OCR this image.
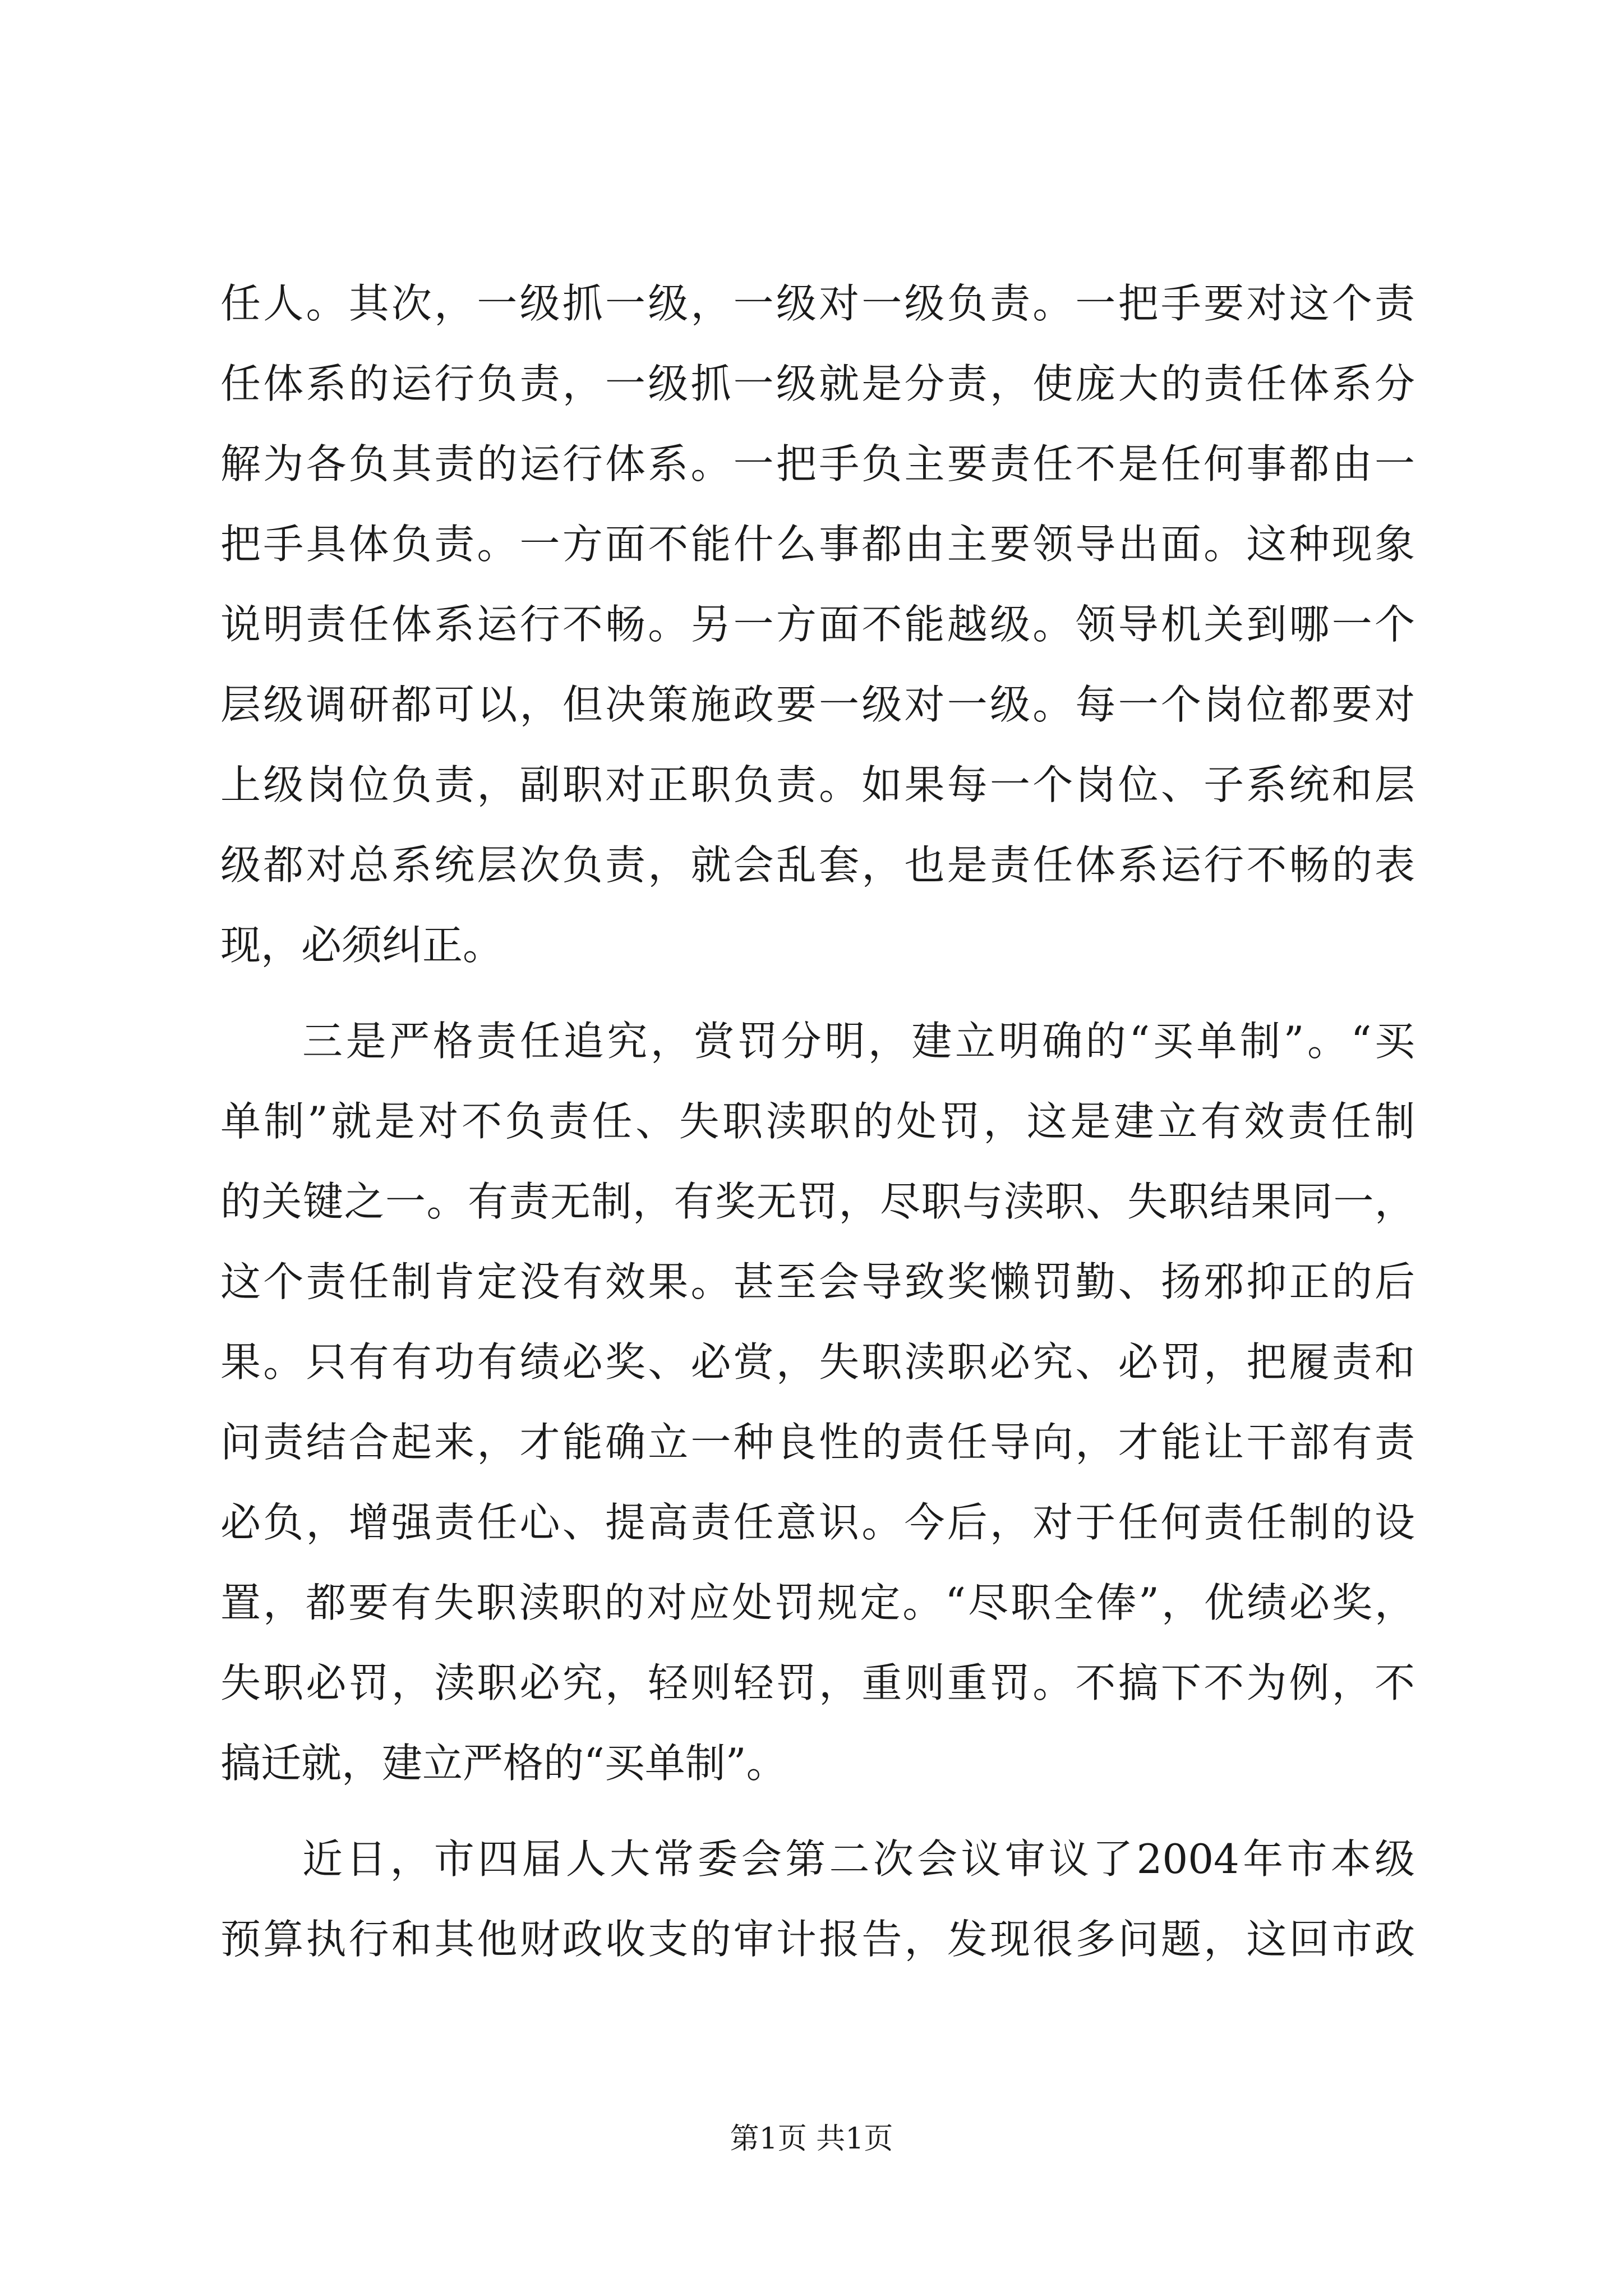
任人。其次，一级抓一级，一级对一级负责。一把手要对这个责
任体系的运行负责，一级抓一级就是分责，使庞大的责任体系分
解为各负其责的运行体系。一把手负主要责任不是任何事都由一
把手具体负责。一方面不能什么事都由主要领导出面。这种现象
说明责任体系运行不畅。另一方面不能越级。领导机关到哪一个
层级调研都可以，但决策施政要一级对一级。每一个岗位都要对
上级岗位负责，副职对正职负责。如果每一个岗位、子系统和层
级都对总系统层次负责，就会乱套，也是责任体系运行不畅的表
现，必须纠正。
三是严格责任追究，赏罚分明，建立明确的“买单制”。“买
单制”就是对不负责任、失职渎职的处罚，这是建立有效责任制
的关键之一。有责无制，有奖无罚，尽职与渎职、失职结果同一，
这个责任制肯定没有效果。甚至会导致奖懒罚勤、扬邪抑正的后
果。只有有功有绩必奖、必赏，失职渎职必究、必罚，把履责和
问责结合起来，才能确立一种良性的责任导向，才能让干部有责
必负，增强责任心、提高责任意识。今后，对于任何责任制的设
置，都要有失职渎职的对应处罚规定。“尽职全俸”，优绩必奖，
失职必罚，渎职必究，轻则轻罚，重则重罚。不搞下不为例，不
搞迁就，建立严格的“买单制”。
近日，市四届人大常委会第二次会议审议了2004年市本级
预算执行和其他财政收支的审计报告，发现很多问题，这回市政
第1页 共1页
